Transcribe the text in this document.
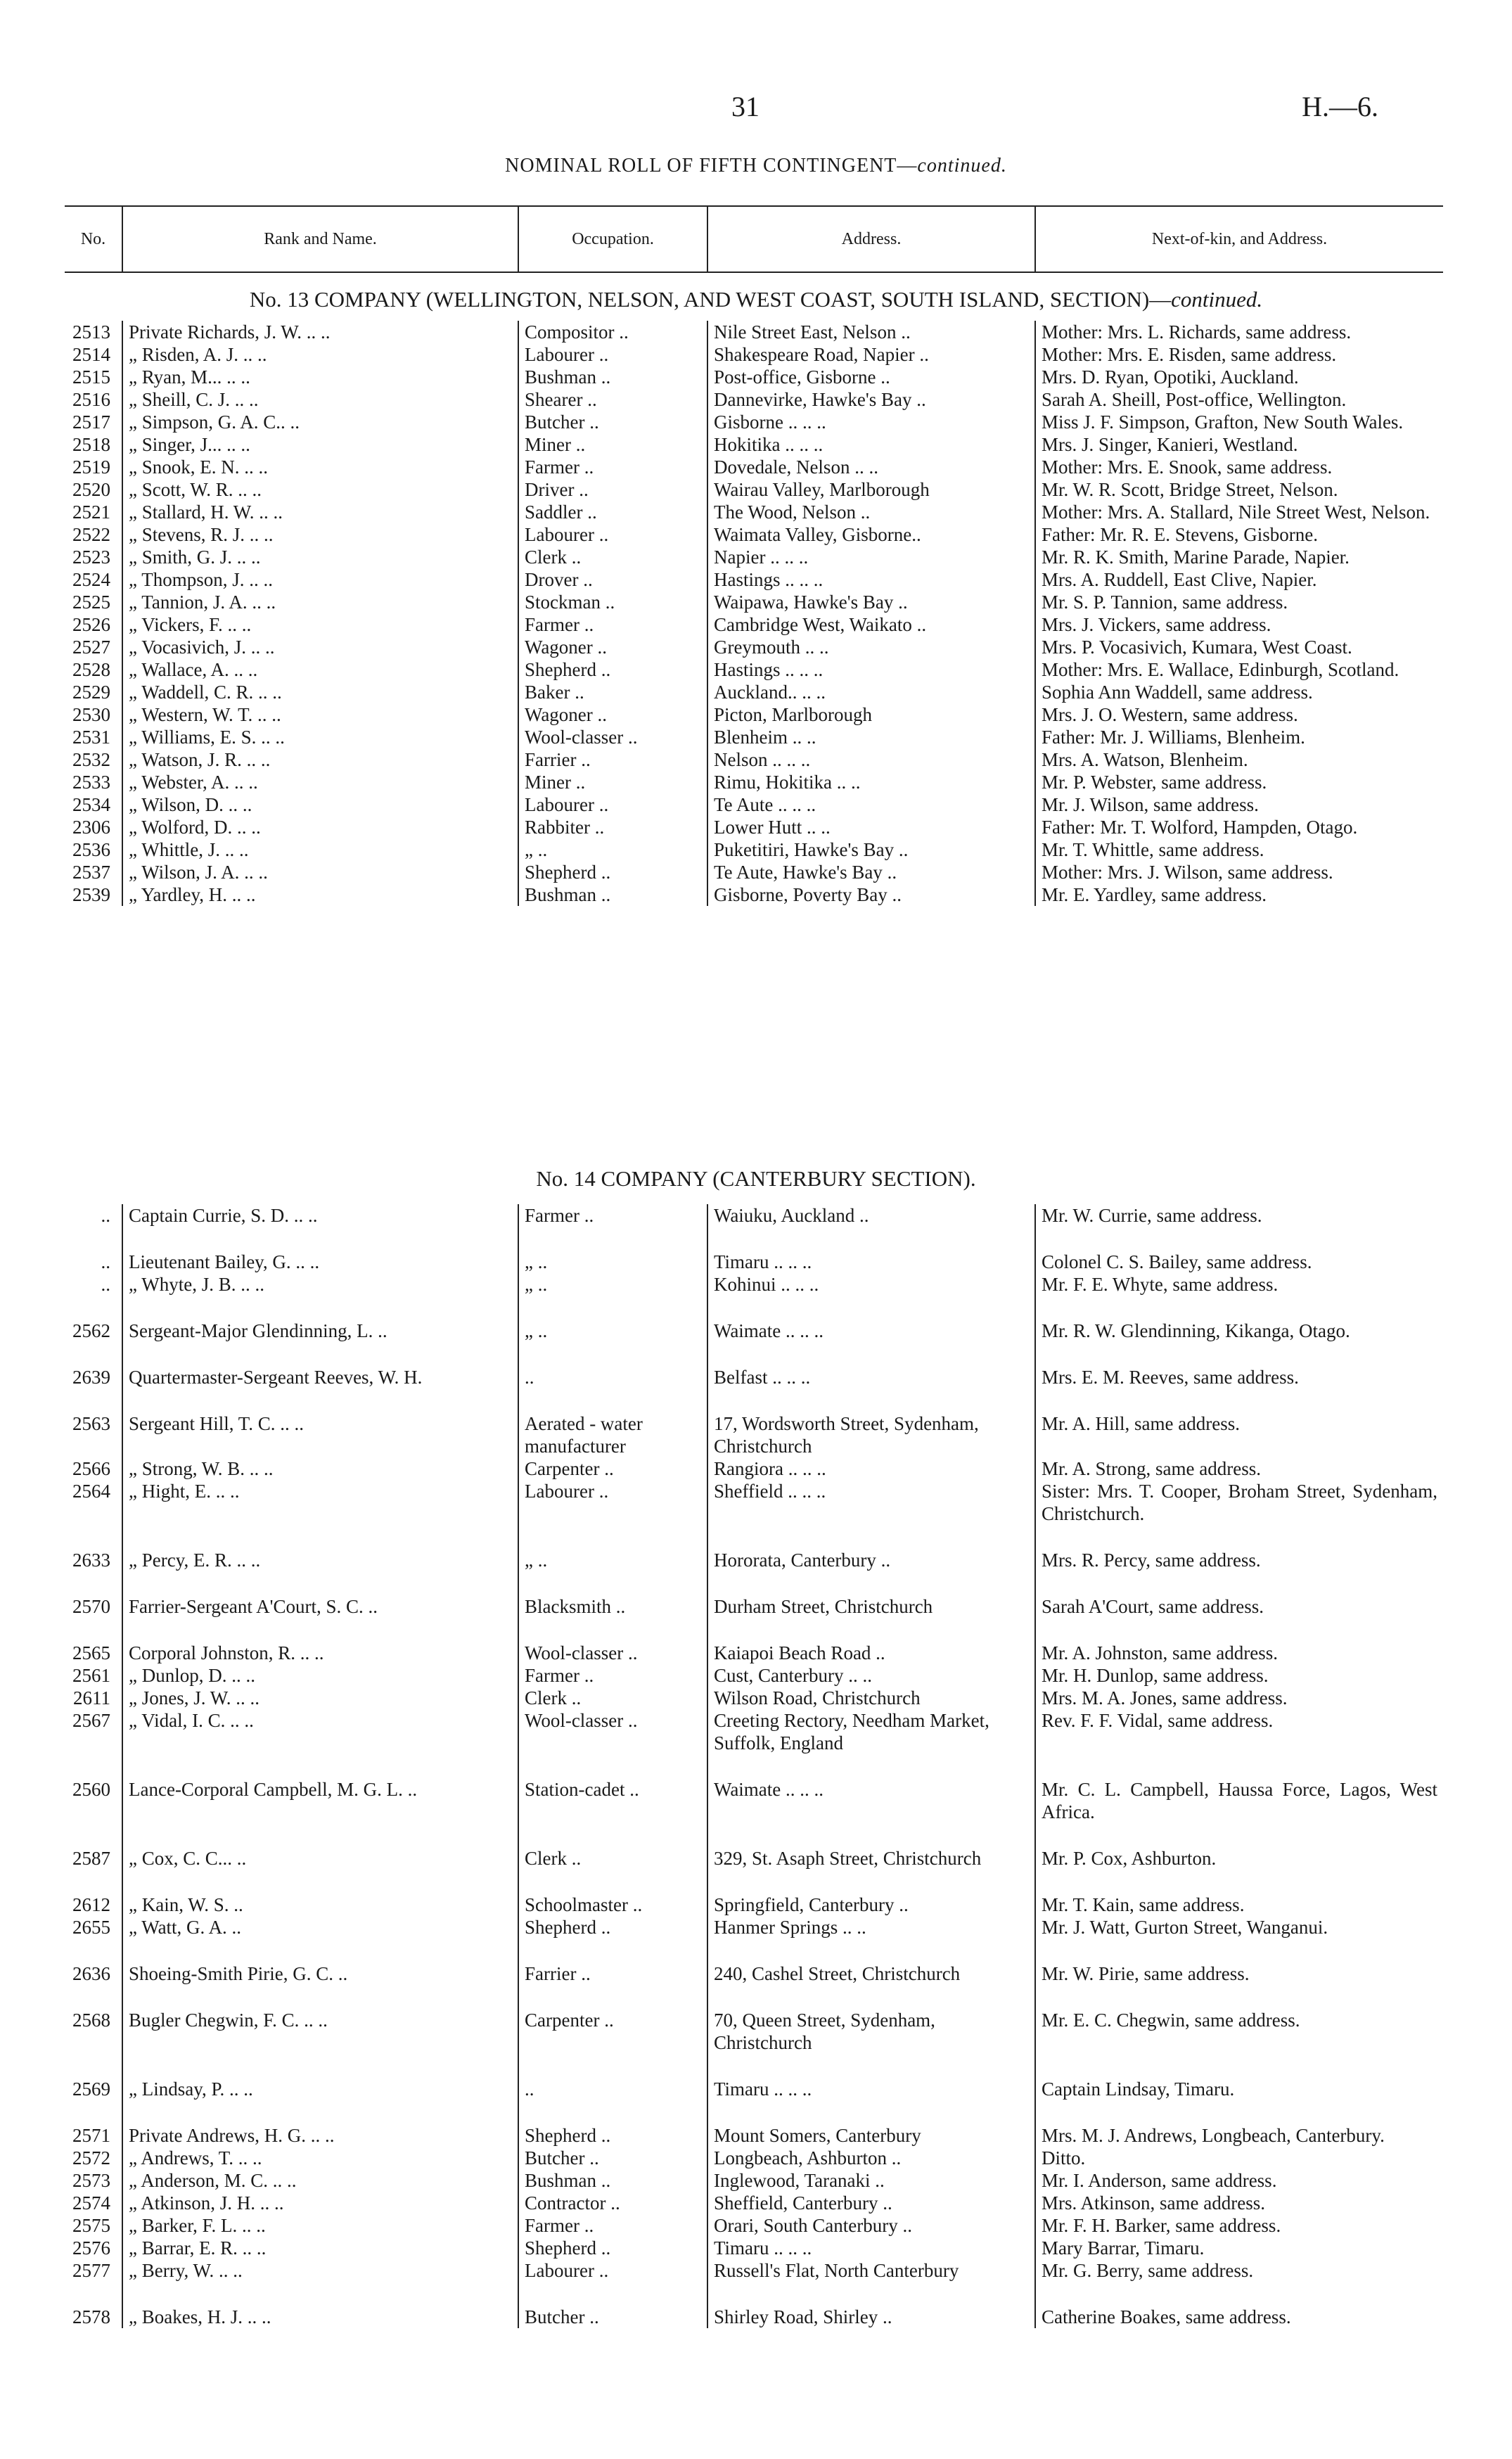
31	H.—6.
NOMINAL ROLL OF FIFTH CONTINGENT—continued.
No.	Rank and Name.	Occupation.	Address.	Next-of-kin, and Address.
No. 13 COMPANY (WELLINGTON, NELSON, AND WEST COAST, SOUTH ISLAND, SECTION)—continued.
2513	Private Richards, J. W. .. ..	Compositor ..	Nile Street East, Nelson ..	Mother: Mrs. L. Richards, same address.
2514	„ Risden, A. J. .. ..	Labourer ..	Shakespeare Road, Napier ..	Mother: Mrs. E. Risden, same address.
2515	„ Ryan, M... .. ..	Bushman ..	Post-office, Gisborne ..	Mrs. D. Ryan, Opotiki, Auckland.
2516	„ Sheill, C. J. .. ..	Shearer ..	Dannevirke, Hawke's Bay ..	Sarah A. Sheill, Post-office, Wellington.
2517	„ Simpson, G. A. C.. ..	Butcher ..	Gisborne .. .. ..	Miss J. F. Simpson, Grafton, New South Wales.
2518	„ Singer, J... .. ..	Miner ..	Hokitika .. .. ..	Mrs. J. Singer, Kanieri, Westland.
2519	„ Snook, E. N. .. ..	Farmer ..	Dovedale, Nelson .. ..	Mother: Mrs. E. Snook, same address.
2520	„ Scott, W. R. .. ..	Driver ..	Wairau Valley, Marlborough	Mr. W. R. Scott, Bridge Street, Nelson.
2521	„ Stallard, H. W. .. ..	Saddler ..	The Wood, Nelson ..	Mother: Mrs. A. Stallard, Nile Street West, Nelson.
2522	„ Stevens, R. J. .. ..	Labourer ..	Waimata Valley, Gisborne..	Father: Mr. R. E. Stevens, Gisborne.
2523	„ Smith, G. J. .. ..	Clerk ..	Napier .. .. ..	Mr. R. K. Smith, Marine Parade, Napier.
2524	„ Thompson, J. .. ..	Drover ..	Hastings .. .. ..	Mrs. A. Ruddell, East Clive, Napier.
2525	„ Tannion, J. A. .. ..	Stockman ..	Waipawa, Hawke's Bay ..	Mr. S. P. Tannion, same address.
2526	„ Vickers, F. .. ..	Farmer ..	Cambridge West, Waikato ..	Mrs. J. Vickers, same address.
2527	„ Vocasivich, J. .. ..	Wagoner ..	Greymouth .. ..	Mrs. P. Vocasivich, Kumara, West Coast.
2528	„ Wallace, A. .. ..	Shepherd ..	Hastings .. .. ..	Mother: Mrs. E. Wallace, Edinburgh, Scotland.
2529	„ Waddell, C. R. .. ..	Baker ..	Auckland.. .. ..	Sophia Ann Waddell, same address.
2530	„ Western, W. T. .. ..	Wagoner ..	Picton, Marlborough	Mrs. J. O. Western, same address.
2531	„ Williams, E. S. .. ..	Wool-classer ..	Blenheim .. ..	Father: Mr. J. Williams, Blenheim.
2532	„ Watson, J. R. .. ..	Farrier ..	Nelson .. .. ..	Mrs. A. Watson, Blenheim.
2533	„ Webster, A. .. ..	Miner ..	Rimu, Hokitika .. ..	Mr. P. Webster, same address.
2534	„ Wilson, D. .. ..	Labourer ..	Te Aute .. .. ..	Mr. J. Wilson, same address.
2306	„ Wolford, D. .. ..	Rabbiter ..	Lower Hutt .. ..	Father: Mr. T. Wolford, Hampden, Otago.
2536	„ Whittle, J. .. ..	„ ..	Puketitiri, Hawke's Bay ..	Mr. T. Whittle, same address.
2537	„ Wilson, J. A. .. ..	Shepherd ..	Te Aute, Hawke's Bay ..	Mother: Mrs. J. Wilson, same address.
2539	„ Yardley, H. .. ..	Bushman ..	Gisborne, Poverty Bay ..	Mr. E. Yardley, same address.
No. 14 COMPANY (CANTERBURY SECTION).
..	Captain Currie, S. D. .. ..	Farmer ..	Waiuku, Auckland ..	Mr. W. Currie, same address.
..	Lieutenant Bailey, G. .. ..	„ ..	Timaru .. .. ..	Colonel C. S. Bailey, same address.
..	„ Whyte, J. B. .. ..	„ ..	Kohinui .. .. ..	Mr. F. E. Whyte, same address.
2562	Sergeant-Major Glendinning, L. ..	„ ..	Waimate .. .. ..	Mr. R. W. Glendinning, Kikanga, Otago.
2639	Quartermaster-Sergeant Reeves, W. H.	..	Belfast .. .. ..	Mrs. E. M. Reeves, same address.
2563	Sergeant Hill, T. C. .. ..	Aerated - water manufacturer	17, Wordsworth Street, Sydenham, Christchurch	Mr. A. Hill, same address.
2566	„ Strong, W. B. .. ..	Carpenter ..	Rangiora .. .. ..	Mr. A. Strong, same address.
2564	„ Hight, E. .. ..	Labourer ..	Sheffield .. .. ..	Sister: Mrs. T. Cooper, Broham Street, Sydenham, Christchurch.
2633	„ Percy, E. R. .. ..	„ ..	Hororata, Canterbury ..	Mrs. R. Percy, same address.
2570	Farrier-Sergeant A'Court, S. C. ..	Blacksmith ..	Durham Street, Christchurch	Sarah A'Court, same address.
2565	Corporal Johnston, R. .. ..	Wool-classer ..	Kaiapoi Beach Road ..	Mr. A. Johnston, same address.
2561	„ Dunlop, D. .. ..	Farmer ..	Cust, Canterbury .. ..	Mr. H. Dunlop, same address.
2611	„ Jones, J. W. .. ..	Clerk ..	Wilson Road, Christchurch	Mrs. M. A. Jones, same address.
2567	„ Vidal, I. C. .. ..	Wool-classer ..	Creeting Rectory, Needham Market, Suffolk, England	Rev. F. F. Vidal, same address.
2560	Lance-Corporal Campbell, M. G. L. ..	Station-cadet ..	Waimate .. .. ..	Mr. C. L. Campbell, Haussa Force, Lagos, West Africa.
2587	„ Cox, C. C... ..	Clerk ..	329, St. Asaph Street, Christchurch	Mr. P. Cox, Ashburton.
2612	„ Kain, W. S. ..	Schoolmaster ..	Springfield, Canterbury ..	Mr. T. Kain, same address.
2655	„ Watt, G. A. ..	Shepherd ..	Hanmer Springs .. ..	Mr. J. Watt, Gurton Street, Wanganui.
2636	Shoeing-Smith Pirie, G. C. ..	Farrier ..	240, Cashel Street, Christchurch	Mr. W. Pirie, same address.
2568	Bugler Chegwin, F. C. .. ..	Carpenter ..	70, Queen Street, Sydenham, Christchurch	Mr. E. C. Chegwin, same address.
2569	„ Lindsay, P. .. ..	..	Timaru .. .. ..	Captain Lindsay, Timaru.
2571	Private Andrews, H. G. .. ..	Shepherd ..	Mount Somers, Canterbury	Mrs. M. J. Andrews, Longbeach, Canterbury.
2572	„ Andrews, T. .. ..	Butcher ..	Longbeach, Ashburton ..	Ditto.
2573	„ Anderson, M. C. .. ..	Bushman ..	Inglewood, Taranaki ..	Mr. I. Anderson, same address.
2574	„ Atkinson, J. H. .. ..	Contractor ..	Sheffield, Canterbury ..	Mrs. Atkinson, same address.
2575	„ Barker, F. L. .. ..	Farmer ..	Orari, South Canterbury ..	Mr. F. H. Barker, same address.
2576	„ Barrar, E. R. .. ..	Shepherd ..	Timaru .. .. ..	Mary Barrar, Timaru.
2577	„ Berry, W. .. ..	Labourer ..	Russell's Flat, North Canterbury	Mr. G. Berry, same address.
2578	„ Boakes, H. J. .. ..	Butcher ..	Shirley Road, Shirley ..	Catherine Boakes, same address.
